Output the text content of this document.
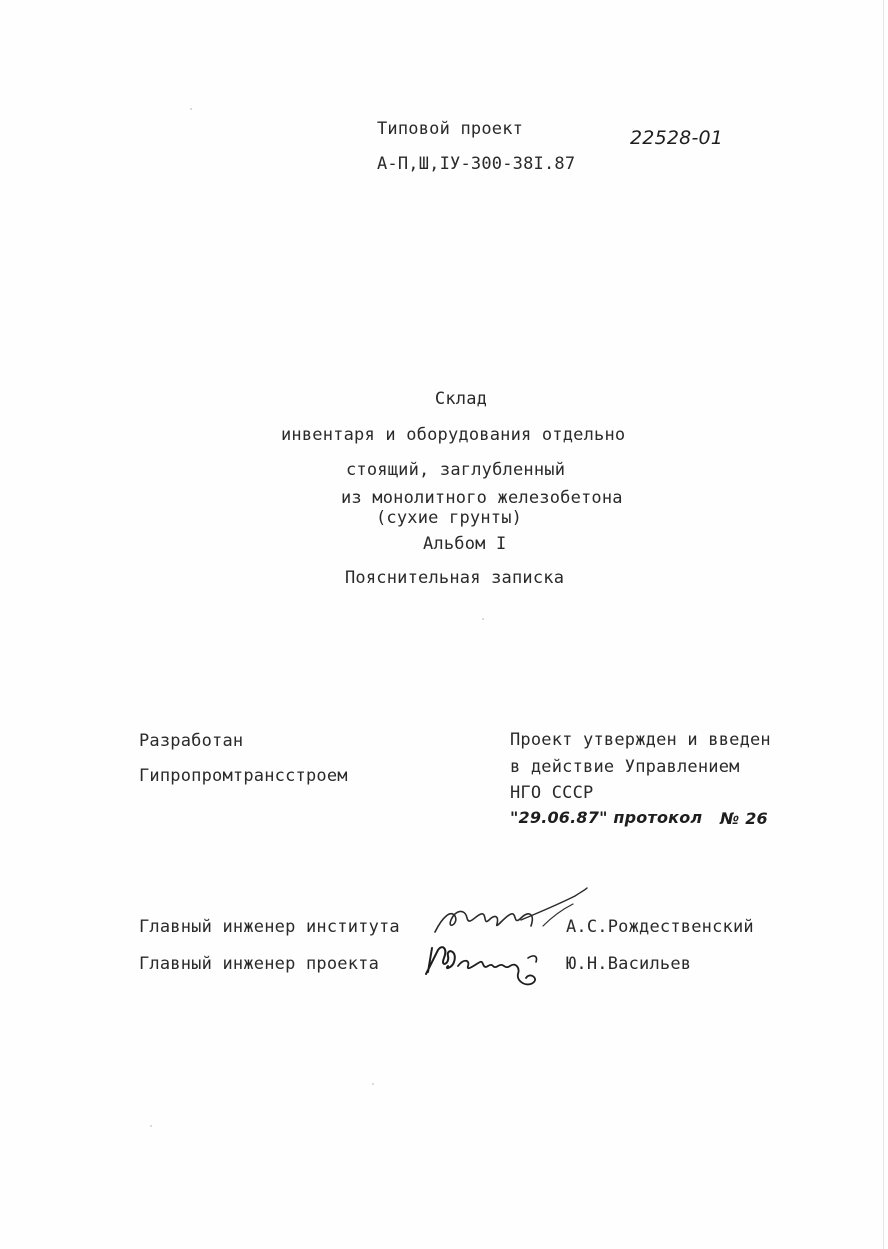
Типовой проект
А-П,Ш,IУ-300-38I.87
22528-01
Склад
инвентаря и оборудования отдельно
стоящий, заглубленный
из монолитного железобетона
(сухие грунты)
Альбом I
Пояснительная записка
Разработан
Гипропромтрансстроем
Проект утвержден и введен
в действие Управлением
НГО СССР
"29.06.87" протокол № 26
Главный инженер института	А.С.Рождественский
Главный инженер проекта	Ю.Н.Васильев
